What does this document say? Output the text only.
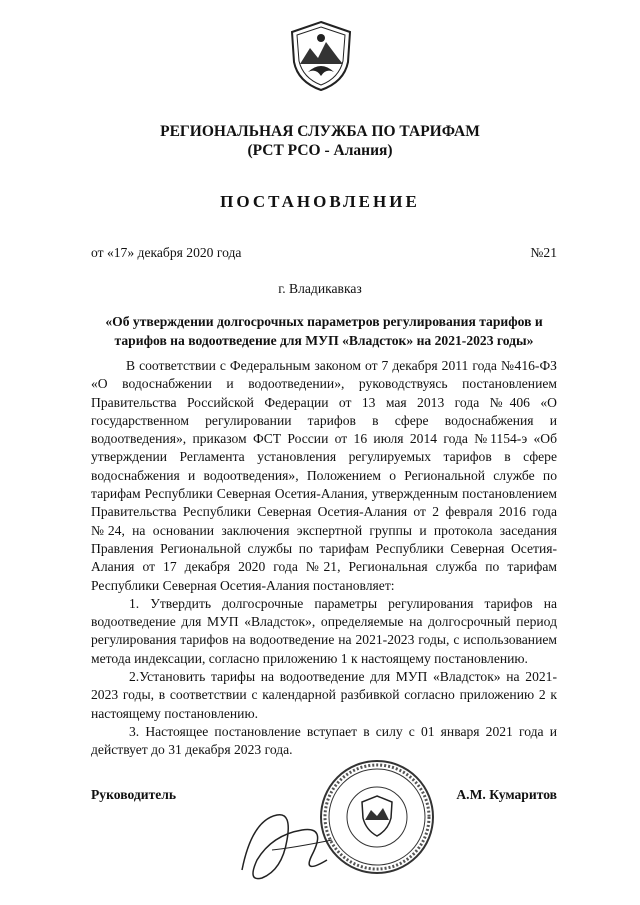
РЕГИОНАЛЬНАЯ СЛУЖБА ПО ТАРИФАМ
(РСТ РСО - Алания)
ПОСТАНОВЛЕНИЕ
от «17» декабря 2020 года	№21
г. Владикавказ
«Об утверждении долгосрочных параметров регулирования тарифов и
тарифов на водоотведение для МУП «Владсток» на 2021-2023 годы»

В соответствии с Федеральным законом от 7 декабря 2011 года №416-ФЗ «О водоснабжении и водоотведении», руководствуясь постановлением Правительства Российской Федерации от 13 мая 2013 года №406 «О государственном регулировании тарифов в сфере водоснабжения и водоотведения», приказом ФСТ России от 16 июля 2014 года №1154-э «Об утверждении Регламента установления регулируемых тарифов в сфере водоснабжения и водоотведения», Положением о Региональной службе по тарифам Республики Северная Осетия-Алания, утвержденным постановлением Правительства Республики Северная Осетия-Алания от 2 февраля 2016 года №24, на основании заключения экспертной группы и протокола заседания Правления Региональной службы по тарифам Республики Северная Осетия-Алания от 17 декабря 2020 года №21, Региональная служба по тарифам Республики Северная Осетия-Алания постановляет:

1. Утвердить долгосрочные параметры регулирования тарифов на водоотведение для МУП «Владсток», определяемые на долгосрочный период регулирования тарифов на водоотведение на 2021-2023 годы, с использованием метода индексации, согласно приложению 1 к настоящему постановлению.

2.Установить тарифы на водоотведение для МУП «Владсток» на 2021-2023 годы, в соответствии с календарной разбивкой согласно приложению 2 к настоящему постановлению.

3. Настоящее постановление вступает в силу с 01 января 2021 года и действует до 31 декабря 2023 года.

Руководитель	А.М. Кумаритов
